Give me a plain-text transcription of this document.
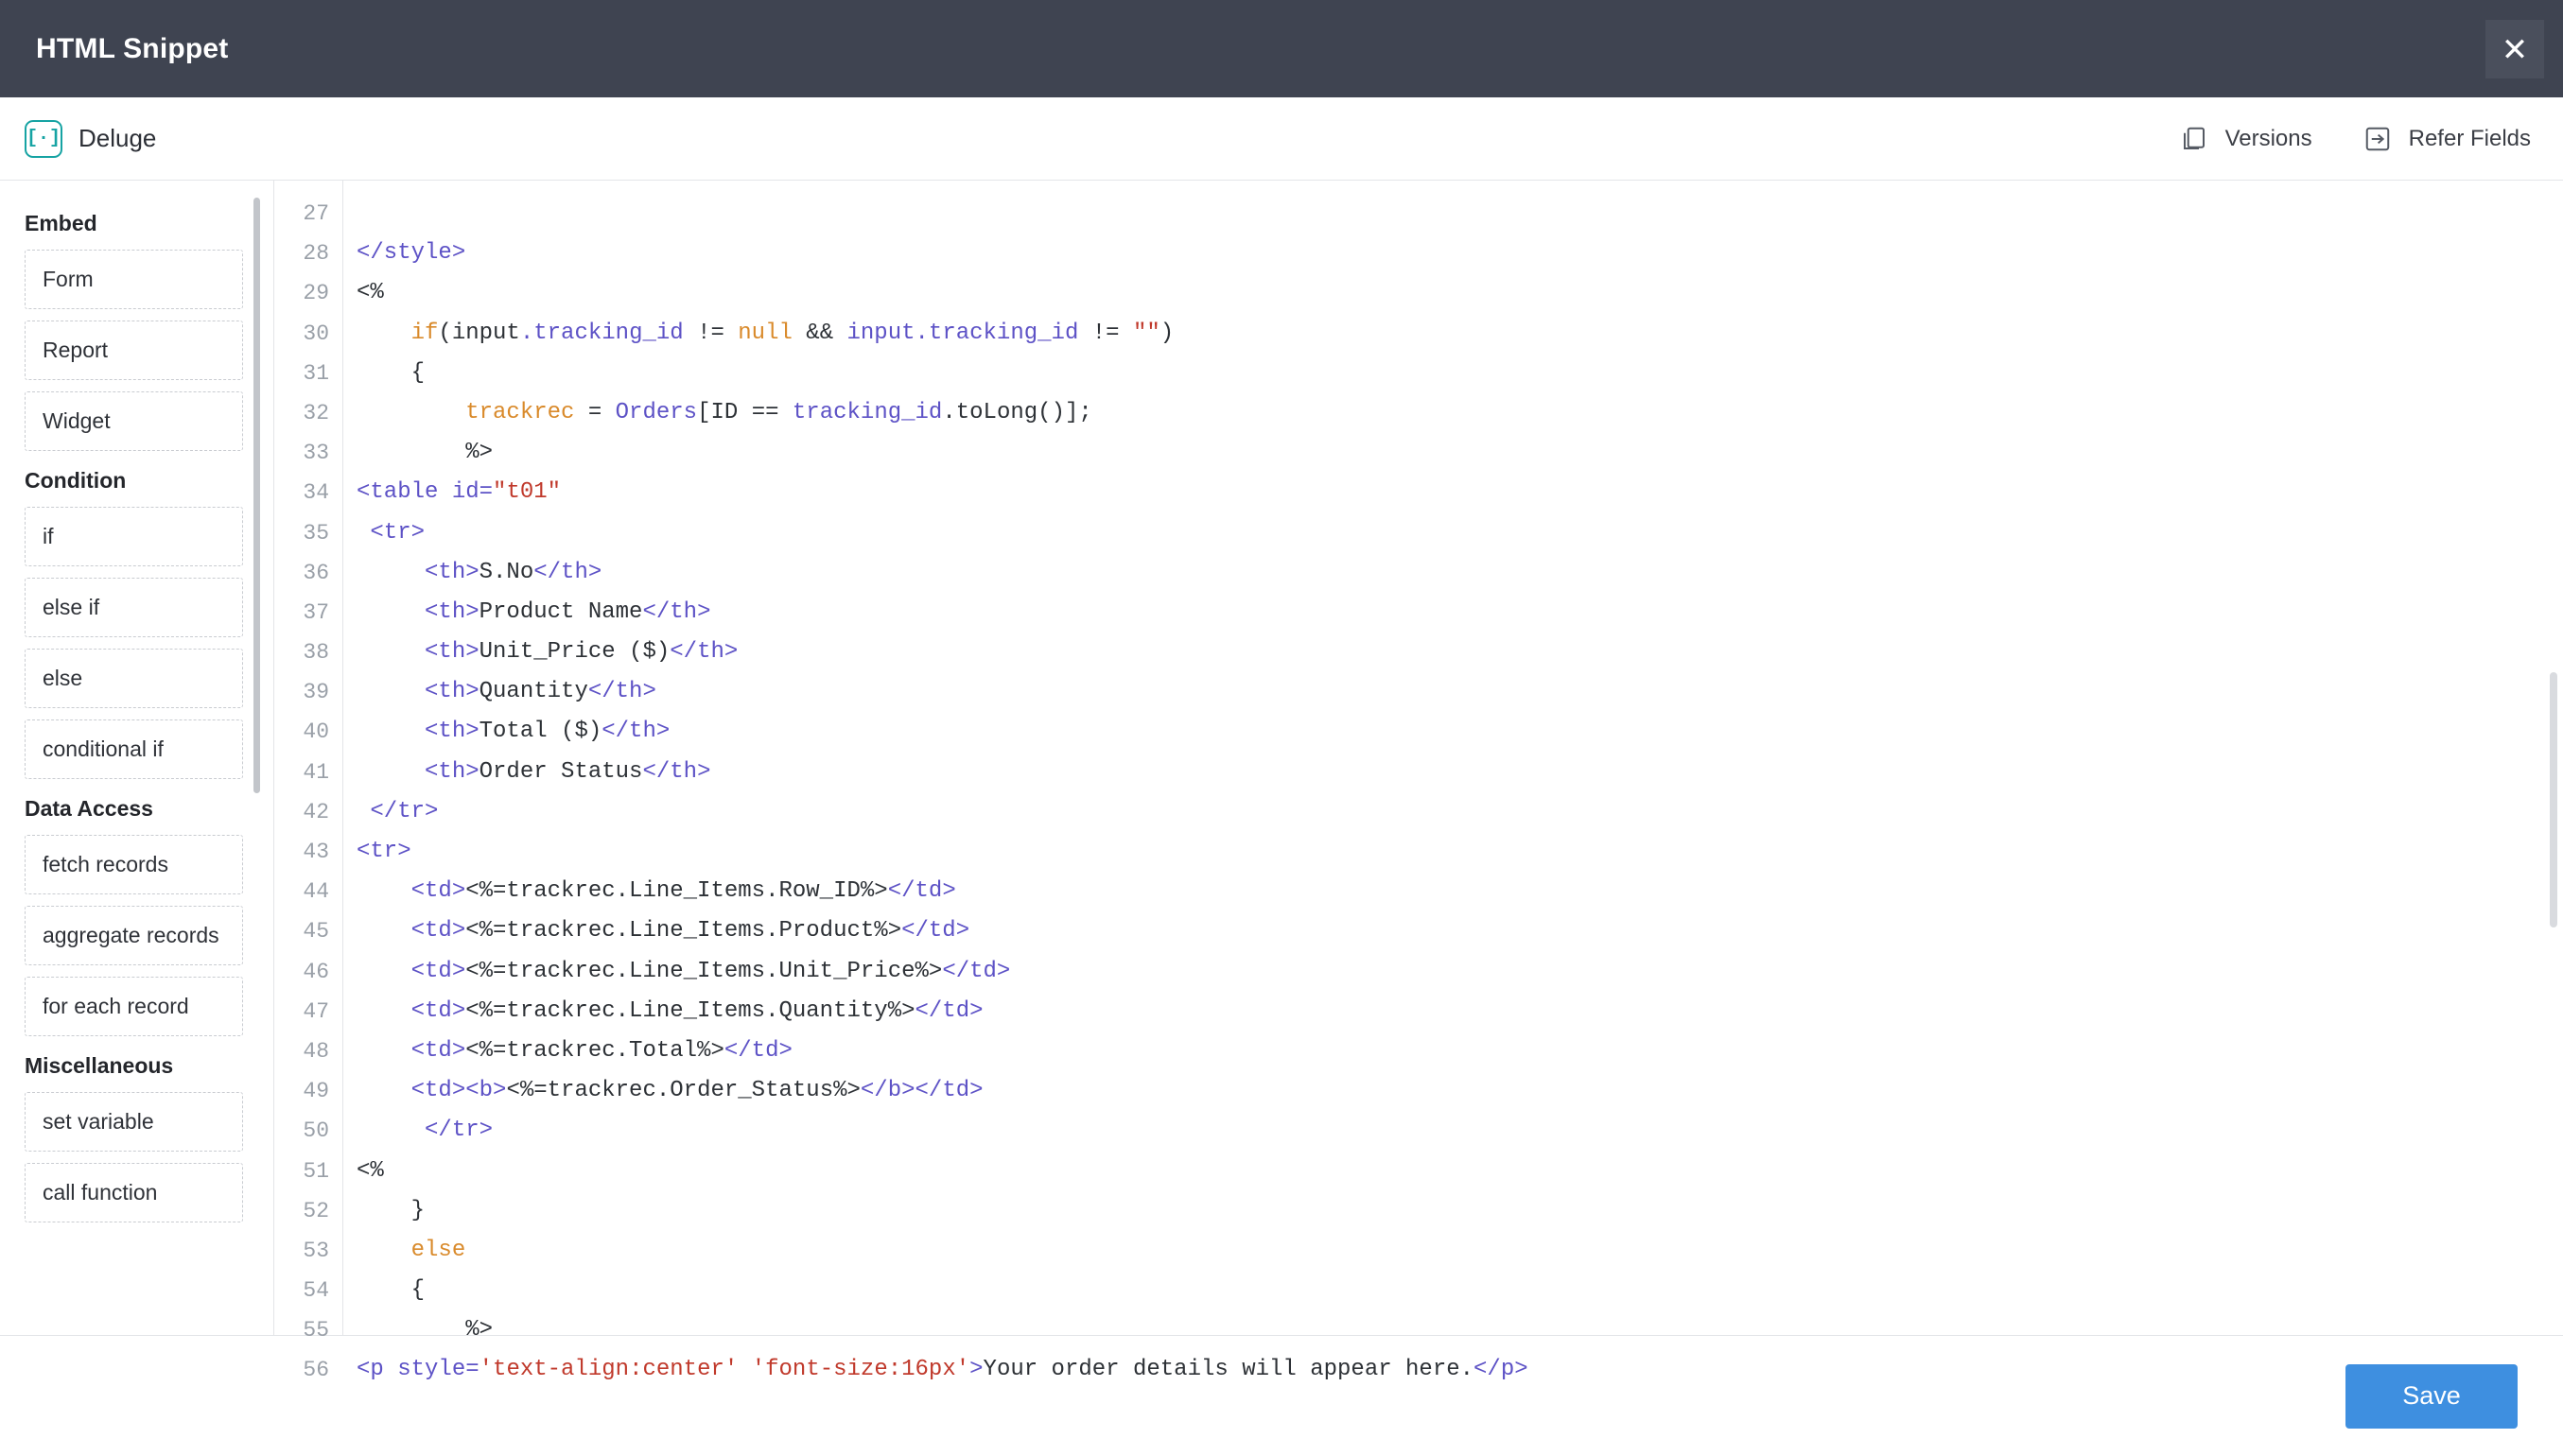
HTML Snippet	✕
[·] Deluge	Versions	Refer Fields
Embed
Form
Report
Widget
Condition
if
else if
else
conditional if
Data Access
fetch records
aggregate records
for each record
Miscellaneous
set variable
call function
27
28
29
30
31
32
33
34
35
36
37
38
39
40
41
42
43
44
45
46
47
48
49
50
51
52
53
54
55
56

</style>
<%
if(input.tracking_id != null && input.tracking_id != "")
{
trackrec = Orders[ID == tracking_id.toLong()];
%>
<table id="t01"
<tr>
<th>S.No</th>
<th>Product Name</th>
<th>Unit_Price ($)</th>
<th>Quantity</th>
<th>Total ($)</th>
<th>Order Status</th>
</tr>
<tr>
<td><%=trackrec.Line_Items.Row_ID%></td>
<td><%=trackrec.Line_Items.Product%></td>
<td><%=trackrec.Line_Items.Unit_Price%></td>
<td><%=trackrec.Line_Items.Quantity%></td>
<td><%=trackrec.Total%></td>
<td><b><%=trackrec.Order_Status%></b></td>
</tr>
<%
}
else
{
%>
<p style='text-align:center' 'font-size:16px'>Your order details will appear here.</p>
Save
